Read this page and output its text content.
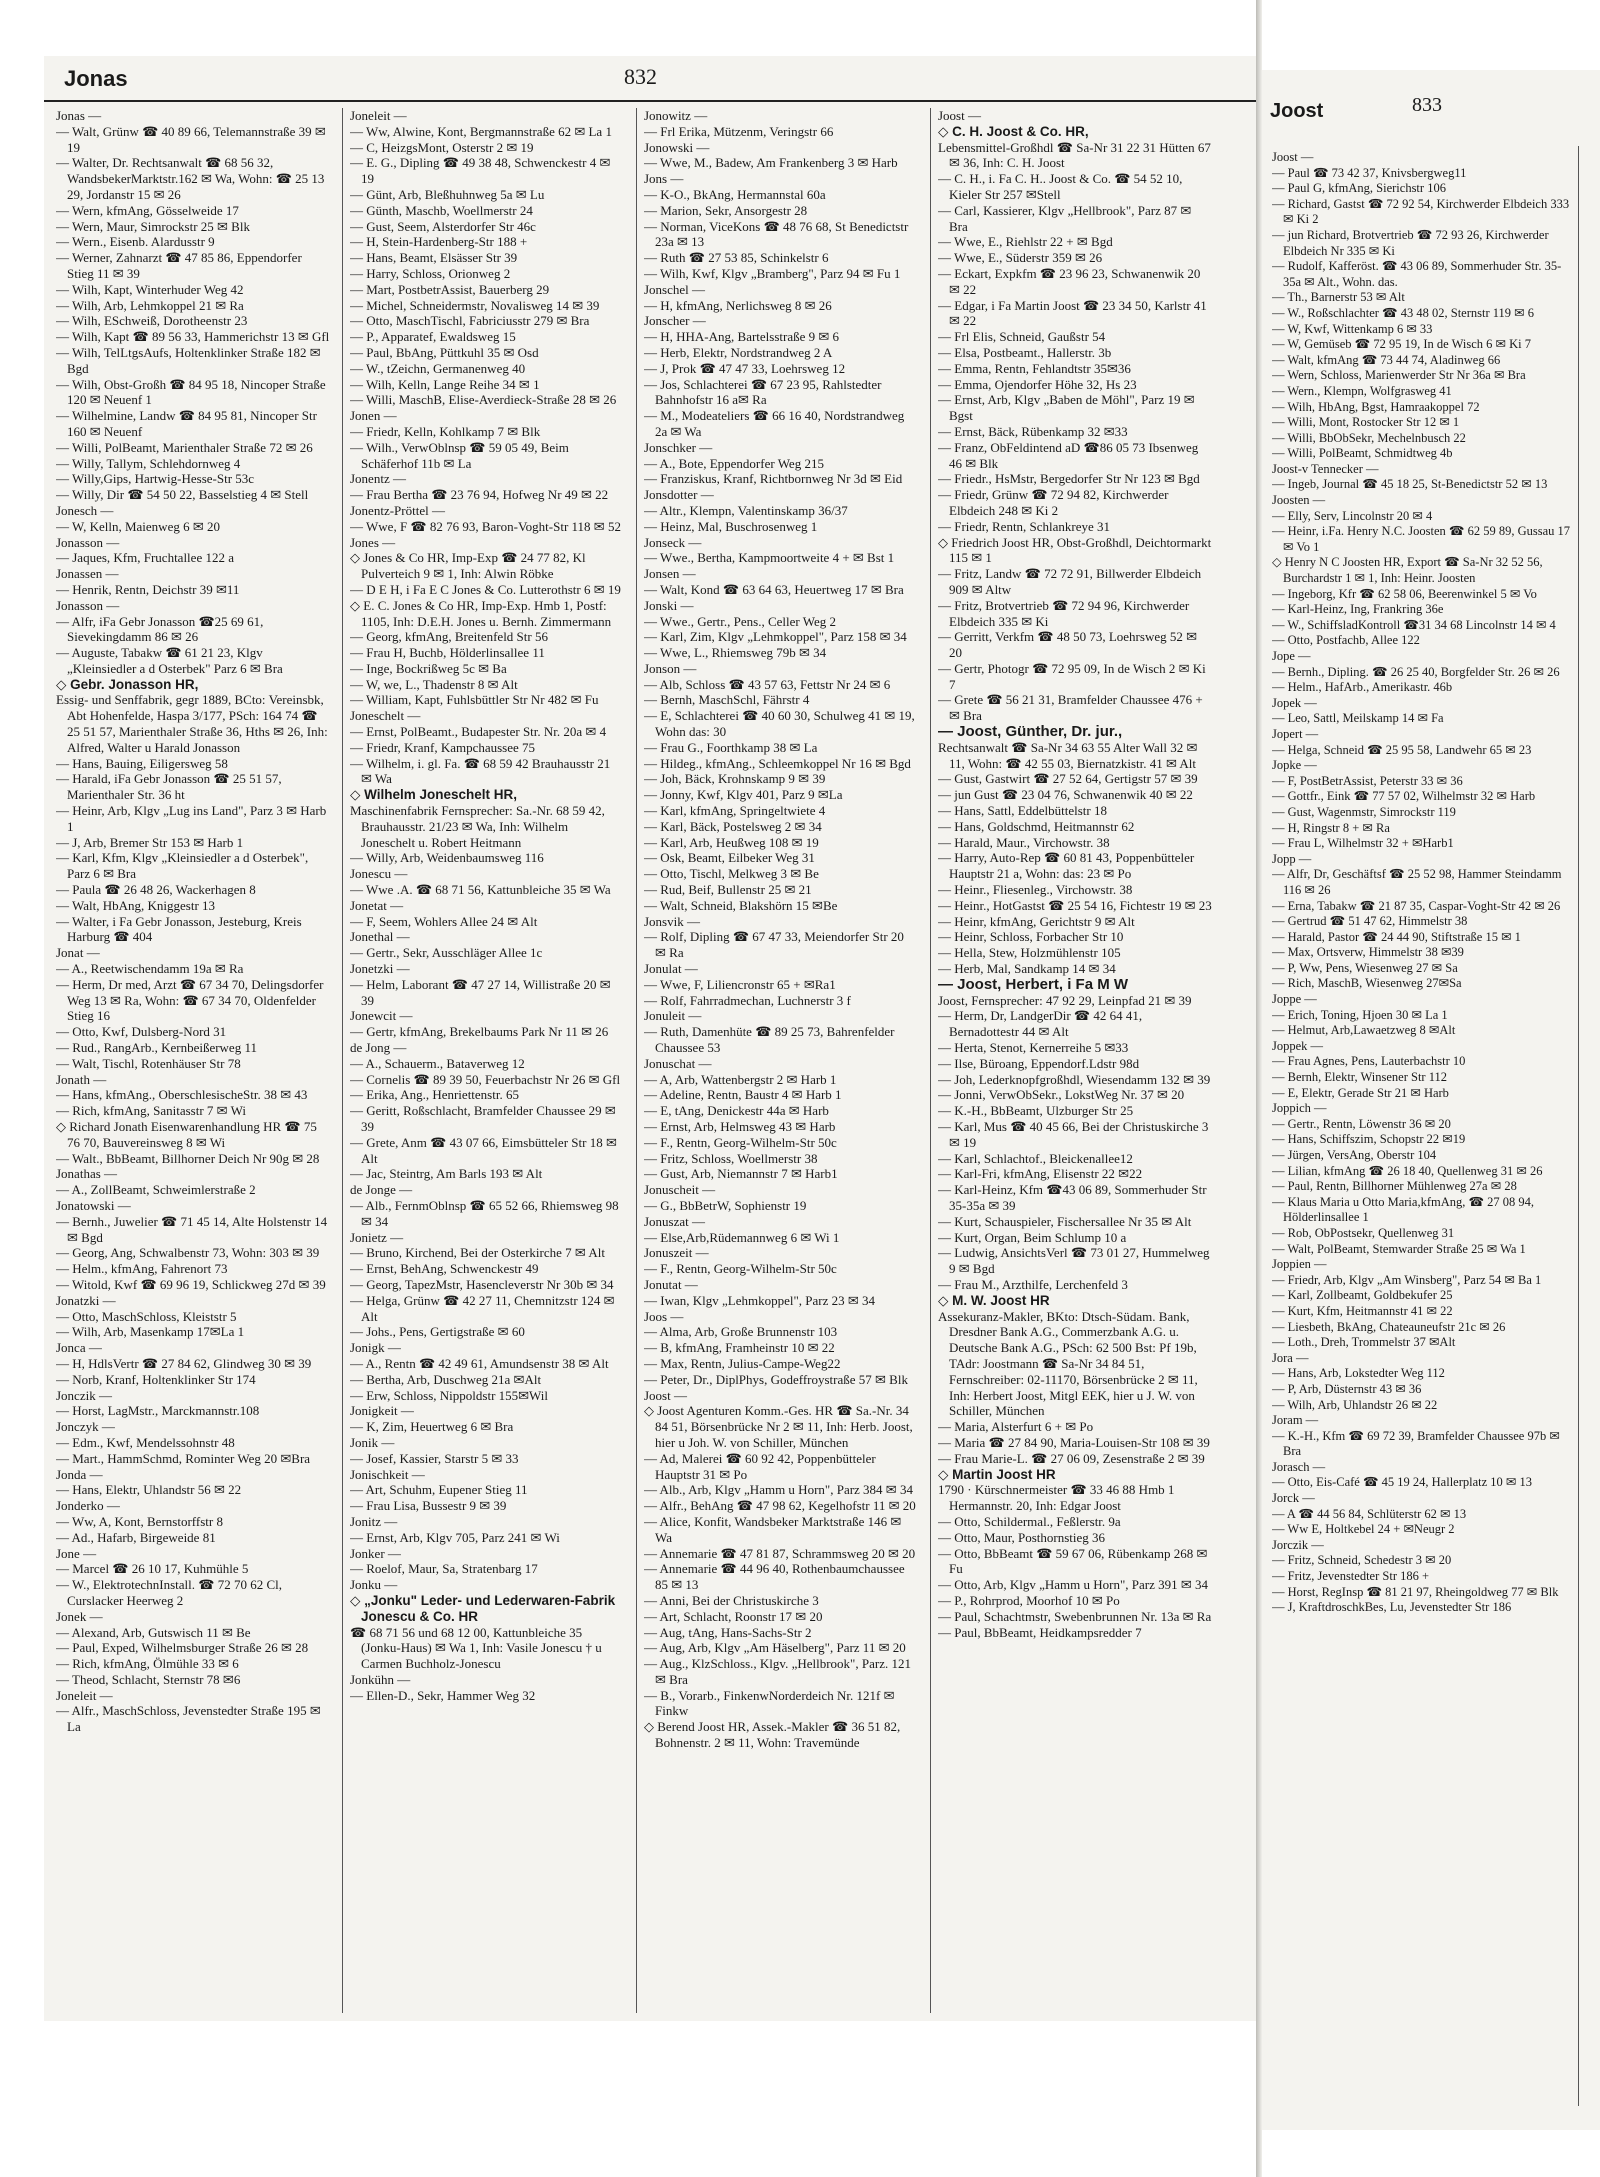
Jonas	832

Jonas —

— Walt, Grünw ☎ 40 89 66, Telemannstraße 39 ✉ 19

— Walter, Dr. Rechtsanwalt ☎ 68 56 32, WandsbekerMarktstr.162 ✉ Wa, Wohn: ☎ 25 13 29, Jordanstr 15 ✉ 26

— Wern, kfmAng, Gösselweide 17

— Wern, Maur, Simrockstr 25 ✉ Blk

— Wern., Eisenb. Alardusstr 9

— Werner, Zahnarzt ☎ 47 85 86, Eppendorfer Stieg 11 ✉ 39

— Wilh, Kapt, Winterhuder Weg 42

— Wilh, Arb, Lehmkoppel 21 ✉ Ra

— Wilh, ESchweiß, Dorotheenstr 23

— Wilh, Kapt ☎ 89 56 33, Hammerichstr 13 ✉ Gfl

— Wilh, TelLtgsAufs, Holtenklinker Straße 182 ✉ Bgd

— Wilh, Obst-Großh ☎ 84 95 18, Nincoper Straße 120 ✉ Neuenf 1

— Wilhelmine, Landw ☎ 84 95 81, Nincoper Str 160 ✉ Neuenf

— Willi, PolBeamt, Marienthaler Straße 72 ✉ 26

— Willy, Tallym, Schlehdornweg 4

— Willy,Gips, Hartwig-Hesse-Str 53c

— Willy, Dir ☎ 54 50 22, Basselstieg 4 ✉ Stell

Jonesch —

— W, Kelln, Maienweg 6 ✉ 20

Jonasson —

— Jaques, Kfm, Fruchtallee 122 a

Jonassen —

— Henrik, Rentn, Deichstr 39 ✉11

Jonasson —

— Alfr, iFa Gebr Jonasson ☎25 69 61, Sievekingdamm 86 ✉ 26

— Auguste, Tabakw ☎ 61 21 23, Klgv „Kleinsiedler a d Osterbek" Parz 6 ✉ Bra

◇ Gebr. Jonasson HR,

Essig- und Senffabrik, gegr 1889, BCto: Vereinsbk, Abt Hohenfelde, Haspa 3/177, PSch: 164 74 ☎ 25 51 57, Marienthaler Straße 36, Hths ✉ 26, Inh: Alfred, Walter u Harald Jonasson

— Hans, Bauing, Eiligersweg 58

— Harald, iFa Gebr Jonasson ☎ 25 51 57, Marienthaler Str. 36 ht

— Heinr, Arb, Klgv „Lug ins Land", Parz 3 ✉ Harb 1

— J, Arb, Bremer Str 153 ✉ Harb 1

— Karl, Kfm, Klgv „Kleinsiedler a d Osterbek", Parz 6 ✉ Bra

— Paula ☎ 26 48 26, Wackerhagen 8

— Walt, HbAng, Kniggestr 13

— Walter, i Fa Gebr Jonasson, Jesteburg, Kreis Harburg ☎ 404

Jonat —

— A., Reetwischendamm 19a ✉ Ra

— Herm, Dr med, Arzt ☎ 67 34 70, Delingsdorfer Weg 13 ✉ Ra, Wohn: ☎ 67 34 70, Oldenfelder Stieg 16

— Otto, Kwf, Dulsberg-Nord 31

— Rud., RangArb., Kernbeißerweg 11

— Walt, Tischl, Rotenhäuser Str 78

Jonath —

— Hans, kfmAng., OberschlesischeStr. 38 ✉ 43

— Rich, kfmAng, Sanitasstr 7 ✉ Wi

◇ Richard Jonath Eisenwarenhandlung HR ☎ 75 76 70, Bauvereinsweg 8 ✉ Wi

— Walt., BbBeamt, Billhorner Deich Nr 90g ✉ 28

Jonathas —

— A., ZollBeamt, Schweimlerstraße 2

Jonatowski —

— Bernh., Juwelier ☎ 71 45 14, Alte Holstenstr 14 ✉ Bgd

— Georg, Ang, Schwalbenstr 73, Wohn: 303 ✉ 39

— Helm., kfmAng, Fahrenort 73

— Witold, Kwf ☎ 69 96 19, Schlickweg 27d ✉ 39

Jonatzki —

— Otto, MaschSchloss, Kleiststr 5

— Wilh, Arb, Masenkamp 17✉La 1

Jonca —

— H, HdlsVertr ☎ 27 84 62, Glindweg 30 ✉ 39

— Norb, Kranf, Holtenklinker Str 174

Jonczik —

— Horst, LagMstr., Marckmannstr.108

Jonczyk —

— Edm., Kwf, Mendelssohnstr 48

— Mart., HammSchmd, Rominter Weg 20 ✉Bra

Jonda —

— Hans, Elektr, Uhlandstr 56 ✉ 22

Jonderko —

— Ww, A, Kont, Bernstorffstr 8

— Ad., Hafarb, Birgeweide 81

Jone —

— Marcel ☎ 26 10 17, Kuhmühle 5

— W., ElektrotechnInstall. ☎ 72 70 62 Cl, Curslacker Heerweg 2

Jonek —

— Alexand, Arb, Gutswisch 11 ✉ Be

— Paul, Exped, Wilhelmsburger Straße 26 ✉ 28

— Rich, kfmAng, Ölmühle 33 ✉ 6

— Theod, Schlacht, Sternstr 78 ✉6

Joneleit —

— Alfr., MaschSchloss, Jevenstedter Straße 195 ✉ La

Joneleit —

— Ww, Alwine, Kont, Bergmannstraße 62 ✉ La 1

— C, HeizgsMont, Osterstr 2 ✉ 19

— E. G., Dipling ☎ 49 38 48, Schwenckestr 4 ✉ 19

— Günt, Arb, Bleßhuhnweg 5a ✉ Lu

— Günth, Maschb, Woellmerstr 24

— Gust, Seem, Alsterdorfer Str 46c

— H, Stein-Hardenberg-Str 188 +

— Hans, Beamt, Elsässer Str 39

— Harry, Schloss, Orionweg 2

— Mart, PostbetrAssist, Bauerberg 29

— Michel, Schneidermstr, Novalisweg 14 ✉ 39

— Otto, MaschTischl, Fabriciusstr 279 ✉ Bra

— P., Apparatef, Ewaldsweg 15

— Paul, BbAng, Püttkuhl 35 ✉ Osd

— W., tZeichn, Germanenweg 40

— Wilh, Kelln, Lange Reihe 34 ✉ 1

— Willi, MaschB, Elise-Averdieck-Straße 28 ✉ 26

Jonen —

— Friedr, Kelln, Kohlkamp 7 ✉ Blk

— Wilh., VerwOblnsp ☎ 59 05 49, Beim Schäferhof 11b ✉ La

Jonentz —

— Frau Bertha ☎ 23 76 94, Hofweg Nr 49 ✉ 22

Jonentz-Pröttel —

— Wwe, F ☎ 82 76 93, Baron-Voght-Str 118 ✉ 52

Jones —

◇ Jones & Co HR, Imp-Exp ☎ 24 77 82, Kl Pulverteich 9 ✉ 1, Inh: Alwin Röbke

— D E H, i Fa E C Jones & Co. Lutterothstr 6 ✉ 19

◇ E. C. Jones & Co HR, Imp-Exp. Hmb 1, Postf: 1105, Inh: D.E.H. Jones u. Bernh. Zimmermann

— Georg, kfmAng, Breitenfeld Str 56

— Frau H, Buchb, Hölderlinsallee 11

— Inge, Bockrißweg 5c ✉ Ba

— W, we, L., Thadenstr 8 ✉ Alt

— William, Kapt, Fuhlsbüttler Str Nr 482 ✉ Fu

Joneschelt —

— Ernst, PolBeamt., Budapester Str. Nr. 20a ✉ 4

— Friedr, Kranf, Kampchaussee 75

— Wilhelm, i. gl. Fa. ☎ 68 59 42 Brauhausstr 21 ✉ Wa

◇ Wilhelm Joneschelt HR,

Maschinenfabrik Fernsprecher: Sa.-Nr. 68 59 42, Brauhausstr. 21/23 ✉ Wa, Inh: Wilhelm Joneschelt u. Robert Heitmann

— Willy, Arb, Weidenbaumsweg 116

Jonescu —

— Wwe .A. ☎ 68 71 56, Kattunbleiche 35 ✉ Wa

Jonetat —

— F, Seem, Wohlers Allee 24 ✉ Alt

Jonethal —

— Gertr., Sekr, Ausschläger Allee 1c

Jonetzki —

— Helm, Laborant ☎ 47 27 14, Willistraße 20 ✉ 39

Jonewcit —

— Gertr, kfmAng, Brekelbaums Park Nr 11 ✉ 26

de Jong —

— A., Schauerm., Bataverweg 12

— Cornelis ☎ 89 39 50, Feuerbachstr Nr 26 ✉ Gfl

— Erika, Ang., Henriettenstr. 65

— Geritt, Roßschlacht, Bramfelder Chaussee 29 ✉ 39

— Grete, Anm ☎ 43 07 66, Eimsbütteler Str 18 ✉ Alt

— Jac, Steintrg, Am Barls 193 ✉ Alt

de Jonge —

— Alb., FernmOblnsp ☎ 65 52 66, Rhiemsweg 98 ✉ 34

Jonietz —

— Bruno, Kirchend, Bei der Osterkirche 7 ✉ Alt

— Ernst, BehAng, Schwenckestr 49

— Georg, TapezMstr, Hasencleverstr Nr 30b ✉ 34

— Helga, Grünw ☎ 42 27 11, Chemnitzstr 124 ✉ Alt

— Johs., Pens, Gertigstraße ✉ 60

Jonigk —

— A., Rentn ☎ 42 49 61, Amundsenstr 38 ✉ Alt

— Bertha, Arb, Duschweg 21a ✉Alt

— Erw, Schloss, Nippoldstr 155✉Wil

Jonigkeit —

— K, Zim, Heuertweg 6 ✉ Bra

Jonik —

— Josef, Kassier, Starstr 5 ✉ 33

Jonischkeit —

— Art, Schuhm, Eupener Stieg 11

— Frau Lisa, Bussestr 9 ✉ 39

Jonitz —

— Ernst, Arb, Klgv 705, Parz 241 ✉ Wi

Jonker —

— Roelof, Maur, Sa, Stratenbarg 17

Jonku —

◇ „Jonku" Leder- und Lederwaren-Fabrik Jonescu & Co. HR

☎ 68 71 56 und 68 12 00, Kattunbleiche 35 (Jonku-Haus) ✉ Wa 1, Inh: Vasile Jonescu † u Carmen Buchholz-Jonescu

Jonkühn —

— Ellen-D., Sekr, Hammer Weg 32

Jonowitz —

— Frl Erika, Mützenm, Veringstr 66

Jonowski —

— Wwe, M., Badew, Am Frankenberg 3 ✉ Harb

Jons —

— K-O., BkAng, Hermannstal 60a

— Marion, Sekr, Ansorgestr 28

— Norman, ViceKons ☎ 48 76 68, St Benedictstr 23a ✉ 13

— Ruth ☎ 27 53 85, Schinkelstr 6

— Wilh, Kwf, Klgv „Bramberg", Parz 94 ✉ Fu 1

Jonschel —

— H, kfmAng, Nerlichsweg 8 ✉ 26

Jonscher —

— H, HHA-Ang, Bartelsstraße 9 ✉ 6

— Herb, Elektr, Nordstrandweg 2 A

— J, Prok ☎ 47 47 33, Loehrsweg 12

— Jos, Schlachterei ☎ 67 23 95, Rahlstedter Bahnhofstr 16 a✉ Ra

— M., Modeateliers ☎ 66 16 40, Nordstrandweg 2a ✉ Wa

Jonschker —

— A., Bote, Eppendorfer Weg 215

— Franziskus, Kranf, Richtbornweg Nr 3d ✉ Eid

Jonsdotter —

— Altr., Klempn, Valentinskamp 36/37

— Heinz, Mal, Buschrosenweg 1

Jonseck —

— Wwe., Bertha, Kampmoortweite 4 + ✉ Bst 1

Jonsen —

— Walt, Kond ☎ 63 64 63, Heuertweg 17 ✉ Bra

Jonski —

— Wwe., Gertr., Pens., Celler Weg 2

— Karl, Zim, Klgv „Lehmkoppel", Parz 158 ✉ 34

— Wwe, L., Rhiemsweg 79b ✉ 34

Jonson —

— Alb, Schloss ☎ 43 57 63, Fettstr Nr 24 ✉ 6

— Bernh, MaschSchl, Fährstr 4

— E, Schlachterei ☎ 40 60 30, Schulweg 41 ✉ 19, Wohn das: 30

— Frau G., Foorthkamp 38 ✉ La

— Hildeg., kfmAng., Schleemkoppel Nr 16 ✉ Bgd

— Joh, Bäck, Krohnskamp 9 ✉ 39

— Jonny, Kwf, Klgv 401, Parz 9 ✉La

— Karl, kfmAng, Springeltwiete 4

— Karl, Bäck, Postelsweg 2 ✉ 34

— Karl, Arb, Heußweg 108 ✉ 19

— Osk, Beamt, Eilbeker Weg 31

— Otto, Tischl, Melkweg 3 ✉ Be

— Rud, Beif, Bullenstr 25 ✉ 21

— Walt, Schneid, Blakshörn 15 ✉Be

Jonsvik —

— Rolf, Dipling ☎ 67 47 33, Meiendorfer Str 20 ✉ Ra

Jonulat —

— Wwe, F, Liliencronstr 65 + ✉Ra1

— Rolf, Fahrradmechan, Luchnerstr 3 f

Jonuleit —

— Ruth, Damenhüte ☎ 89 25 73, Bahrenfelder Chaussee 53

Jonuschat —

— A, Arb, Wattenbergstr 2 ✉ Harb 1

— Adeline, Rentn, Baustr 4 ✉ Harb 1

— E, tAng, Denickestr 44a ✉ Harb

— Ernst, Arb, Helmsweg 43 ✉ Harb

— F., Rentn, Georg-Wilhelm-Str 50c

— Fritz, Schloss, Woellmerstr 38

— Gust, Arb, Niemannstr 7 ✉ Harb1

Jonuscheit —

— G., BbBetrW, Sophienstr 19

Jonuszat —

— Else,Arb,Rüdemannweg 6 ✉ Wi 1

Jonuszeit —

— F., Rentn, Georg-Wilhelm-Str 50c

Jonutat —

— Iwan, Klgv „Lehmkoppel", Parz 23 ✉ 34

Joos —

— Alma, Arb, Große Brunnenstr 103

— B, kfmAng, Framheinstr 10 ✉ 22

— Max, Rentn, Julius-Campe-Weg22

— Peter, Dr., DiplPhys, Godeffroystraße 57 ✉ Blk

Joost —

◇ Joost Agenturen Komm.-Ges. HR ☎ Sa.-Nr. 34 84 51, Börsenbrücke Nr 2 ✉ 11, Inh: Herb. Joost, hier u Joh. W. von Schiller, München

— Ad, Malerei ☎ 60 92 42, Poppenbütteler Hauptstr 31 ✉ Po

— Alb., Arb, Klgv „Hamm u Horn", Parz 384 ✉ 34

— Alfr., BehAng ☎ 47 98 62, Kegelhofstr 11 ✉ 20

— Alice, Konfit, Wandsbeker Marktstraße 146 ✉ Wa

— Annemarie ☎ 47 81 87, Schrammsweg 20 ✉ 20

— Annemarie ☎ 44 96 40, Rothenbaumchaussee 85 ✉ 13

— Anni, Bei der Christuskirche 3

— Art, Schlacht, Roonstr 17 ✉ 20

— Aug, tAng, Hans-Sachs-Str 2

— Aug, Arb, Klgv „Am Häselberg", Parz 11 ✉ 20

— Aug., KlzSchloss., Klgv. „Hellbrook", Parz. 121 ✉ Bra

— B., Vorarb., FinkenwNorderdeich Nr. 121f ✉ Finkw

◇ Berend Joost HR, Assek.-Makler ☎ 36 51 82, Bohnenstr. 2 ✉ 11, Wohn: Travemünde

Joost —

◇ C. H. Joost & Co. HR,

Lebensmittel-Großhdl ☎ Sa-Nr 31 22 31 Hütten 67 ✉ 36, Inh: C. H. Joost

— C. H., i. Fa C. H.. Joost & Co. ☎ 54 52 10, Kieler Str 257 ✉Stell

— Carl, Kassierer, Klgv „Hellbrook", Parz 87 ✉ Bra

— Wwe, E., Riehlstr 22 + ✉ Bgd

— Wwe, E., Süderstr 359 ✉ 26

— Eckart, Expkfm ☎ 23 96 23, Schwanenwik 20 ✉ 22

— Edgar, i Fa Martin Joost ☎ 23 34 50, Karlstr 41 ✉ 22

— Frl Elis, Schneid, Gaußstr 54

— Elsa, Postbeamt., Hallerstr. 3b

— Emma, Rentn, Fehlandtstr 35✉36

— Emma, Ojendorfer Höhe 32, Hs 23

— Ernst, Arb, Klgv „Baben de Möhl", Parz 19 ✉ Bgst

— Ernst, Bäck, Rübenkamp 32 ✉33

— Franz, ObFeldintend aD ☎86 05 73 Ibsenweg 46 ✉ Blk

— Friedr., HsMstr, Bergedorfer Str Nr 123 ✉ Bgd

— Friedr, Grünw ☎ 72 94 82, Kirchwerder Elbdeich 248 ✉ Ki 2

— Friedr, Rentn, Schlankreye 31

◇ Friedrich Joost HR, Obst-Großhdl, Deichtormarkt 115 ✉ 1

— Fritz, Landw ☎ 72 72 91, Billwerder Elbdeich 909 ✉ Altw

— Fritz, Brotvertrieb ☎ 72 94 96, Kirchwerder Elbdeich 335 ✉ Ki

— Gerritt, Verkfm ☎ 48 50 73, Loehrsweg 52 ✉ 20

— Gertr, Photogr ☎ 72 95 09, In de Wisch 2 ✉ Ki 7

— Grete ☎ 56 21 31, Bramfelder Chaussee 476 + ✉ Bra

— Joost, Günther, Dr. jur.,

Rechtsanwalt ☎ Sa-Nr 34 63 55 Alter Wall 32 ✉ 11, Wohn: ☎ 42 55 03, Biernatzkistr. 41 ✉ Alt

— Gust, Gastwirt ☎ 27 52 64, Gertigstr 57 ✉ 39

— jun Gust ☎ 23 04 76, Schwanenwik 40 ✉ 22

— Hans, Sattl, Eddelbüttelstr 18

— Hans, Goldschmd, Heitmannstr 62

— Harald, Maur., Virchowstr. 38

— Harry, Auto-Rep ☎ 60 81 43, Poppenbütteler Hauptstr 21 a, Wohn: das: 23 ✉ Po

— Heinr., Fliesenleg., Virchowstr. 38

— Heinr., HotGastst ☎ 25 54 16, Fichtestr 19 ✉ 23

— Heinr, kfmAng, Gerichtstr 9 ✉ Alt

— Heinr, Schloss, Forbacher Str 10

— Hella, Stew, Holzmühlenstr 105

— Herb, Mal, Sandkamp 14 ✉ 34

— Joost, Herbert, i Fa M W

Joost, Fernsprecher: 47 92 29, Leinpfad 21 ✉ 39

— Herm, Dr, LandgerDir ☎ 42 64 41, Bernadottestr 44 ✉ Alt

— Herta, Stenot, Kernerreihe 5 ✉33

— Ilse, Büroang, Eppendorf.Ldstr 98d

— Joh, Lederknopfgroßhdl, Wiesendamm 132 ✉ 39

— Jonni, VerwObSekr., LokstWeg Nr. 37 ✉ 20

— K.-H., BbBeamt, Ulzburger Str 25

— Karl, Mus ☎ 40 45 66, Bei der Christuskirche 3 ✉ 19

— Karl, Schlachtof., Bleickenallee12

— Karl-Fri, kfmAng, Elisenstr 22 ✉22

— Karl-Heinz, Kfm ☎43 06 89, Sommerhuder Str 35-35a ✉ 39

— Kurt, Schauspieler, Fischersallee Nr 35 ✉ Alt

— Kurt, Organ, Beim Schlump 10 a

— Ludwig, AnsichtsVerl ☎ 73 01 27, Hummelweg 9 ✉ Bgd

— Frau M., Arzthilfe, Lerchenfeld 3

◇ M. W. Joost HR

Assekuranz-Makler, BKto: Dtsch-Südam. Bank, Dresdner Bank A.G., Commerzbank A.G. u. Deutsche Bank A.G., PSch: 62 500 Bst: Pf 19b, TAdr: Joostmann ☎ Sa-Nr 34 84 51, Fernschreiber: 02-11170, Börsenbrücke 2 ✉ 11, Inh: Herbert Joost, Mitgl EEK, hier u J. W. von Schiller, München

— Maria, Alsterfurt 6 + ✉ Po

— Maria ☎ 27 84 90, Maria-Louisen-Str 108 ✉ 39

— Frau Marie-L. ☎ 27 06 09, Zesenstraße 2 ✉ 39

◇ Martin Joost HR

1790 · Kürschnermeister ☎ 33 46 88 Hmb 1 Hermannstr. 20, Inh: Edgar Joost

— Otto, Schildermal., Feßlerstr. 9a

— Otto, Maur, Posthornstieg 36

— Otto, BbBeamt ☎ 59 67 06, Rübenkamp 268 ✉ Fu

— Otto, Arb, Klgv „Hamm u Horn", Parz 391 ✉ 34

— P., Rohrprod, Moorhof 10 ✉ Po

— Paul, Schachtmstr, Swebenbrunnen Nr. 13a ✉ Ra

— Paul, BbBeamt, Heidkampsredder 7

Joost	833

Joost —

— Paul ☎ 73 42 37, Knivsbergweg11

— Paul G, kfmAng, Sierichstr 106

— Richard, Gastst ☎ 72 92 54, Kirchwerder Elbdeich 333 ✉ Ki 2

— jun Richard, Brotvertrieb ☎ 72 93 26, Kirchwerder Elbdeich Nr 335 ✉ Ki

— Rudolf, Kafferöst. ☎ 43 06 89, Sommerhuder Str. 35-35a ✉ Alt., Wohn. das.

— Th., Barnerstr 53 ✉ Alt

— W., Roßschlachter ☎ 43 48 02, Sternstr 119 ✉ 6

— W, Kwf, Wittenkamp 6 ✉ 33

— W, Gemüseb ☎ 72 95 19, In de Wisch 6 ✉ Ki 7

— Walt, kfmAng ☎ 73 44 74, Aladinweg 66

— Wern, Schloss, Marienwerder Str Nr 36a ✉ Bra

— Wern., Klempn, Wolfgrasweg 41

— Wilh, HbAng, Bgst, Hamraakoppel 72

— Willi, Mont, Rostocker Str 12 ✉ 1

— Willi, BbObSekr, Mechelnbusch 22

— Willi, PolBeamt, Schmidtweg 4b

Joost-v Tennecker —

— Ingeb, Journal ☎ 45 18 25, St-Benedictstr 52 ✉ 13

Joosten —

— Elly, Serv, Lincolnstr 20 ✉ 4

— Heinr, i.Fa. Henry N.C. Joosten ☎ 62 59 89, Gussau 17 ✉ Vo 1

◇ Henry N C Joosten HR, Export ☎ Sa-Nr 32 52 56, Burchardstr 1 ✉ 1, Inh: Heinr. Joosten

— Ingeborg, Kfr ☎ 62 58 06, Beerenwinkel 5 ✉ Vo

— Karl-Heinz, Ing, Frankring 36e

— W., SchiffsladKontroll ☎31 34 68 Lincolnstr 14 ✉ 4

— Otto, Postfachb, Allee 122

Jope —

— Bernh., Dipling. ☎ 26 25 40, Borgfelder Str. 26 ✉ 26

— Helm., HafArb., Amerikastr. 46b

Jopek —

— Leo, Sattl, Meilskamp 14 ✉ Fa

Jopert —

— Helga, Schneid ☎ 25 95 58, Landwehr 65 ✉ 23

Jopke —

— F, PostBetrAssist, Peterstr 33 ✉ 36

— Gottfr., Eink ☎ 77 57 02, Wilhelmstr 32 ✉ Harb

— Gust, Wagenmstr, Simrockstr 119

— H, Ringstr 8 + ✉ Ra

— Frau L, Wilhelmstr 32 + ✉Harb1

Jopp —

— Alfr, Dr, Geschäftsf ☎ 25 52 98, Hammer Steindamm 116 ✉ 26

— Erna, Tabakw ☎ 21 87 35, Caspar-Voght-Str 42 ✉ 26

— Gertrud ☎ 51 47 62, Himmelstr 38

— Harald, Pastor ☎ 24 44 90, Stiftstraße 15 ✉ 1

— Max, Ortsverw, Himmelstr 38 ✉39

— P, Ww, Pens, Wiesenweg 27 ✉ Sa

— Rich, MaschB, Wiesenweg 27✉Sa

Joppe —

— Erich, Toning, Hjoen 30 ✉ La 1

— Helmut, Arb,Lawaetzweg 8 ✉Alt

Joppek —

— Frau Agnes, Pens, Lauterbachstr 10

— Bernh, Elektr, Winsener Str 112

— E, Elektr, Gerade Str 21 ✉ Harb

Joppich —

— Gertr., Rentn, Löwenstr 36 ✉ 20

— Hans, Schiffszim, Schopstr 22 ✉19

— Jürgen, VersAng, Oberstr 104

— Lilian, kfmAng ☎ 26 18 40, Quellenweg 31 ✉ 26

— Paul, Rentn, Billhorner Mühlenweg 27a ✉ 28

— Klaus Maria u Otto Maria,kfmAng, ☎ 27 08 94, Hölderlinsallee 1

— Rob, ObPostsekr, Quellenweg 31

— Walt, PolBeamt, Stemwarder Straße 25 ✉ Wa 1

Joppien —

— Friedr, Arb, Klgv „Am Winsberg", Parz 54 ✉ Ba 1

— Karl, Zollbeamt, Goldbekufer 25

— Kurt, Kfm, Heitmannstr 41 ✉ 22

— Liesbeth, BkAng, Chateauneufstr 21c ✉ 26

— Loth., Dreh, Trommelstr 37 ✉Alt

Jora —

— Hans, Arb, Lokstedter Weg 112

— P, Arb, Düsternstr 43 ✉ 36

— Wilh, Arb, Uhlandstr 26 ✉ 22

Joram —

— K.-H., Kfm ☎ 69 72 39, Bramfelder Chaussee 97b ✉ Bra

Jorasch —

— Otto, Eis-Café ☎ 45 19 24, Hallerplatz 10 ✉ 13

Jorck —

— A ☎ 44 56 84, Schlüterstr 62 ✉ 13

— Ww E, Holtkebel 24 + ✉Neugr 2

Jorczik —

— Fritz, Schneid, Schedestr 3 ✉ 20

— Fritz, Jevenstedter Str 186 +

— Horst, RegInsp ☎ 81 21 97, Rheingoldweg 77 ✉ Blk

— J, KraftdroschkBes, Lu, Jevenstedter Str 186
